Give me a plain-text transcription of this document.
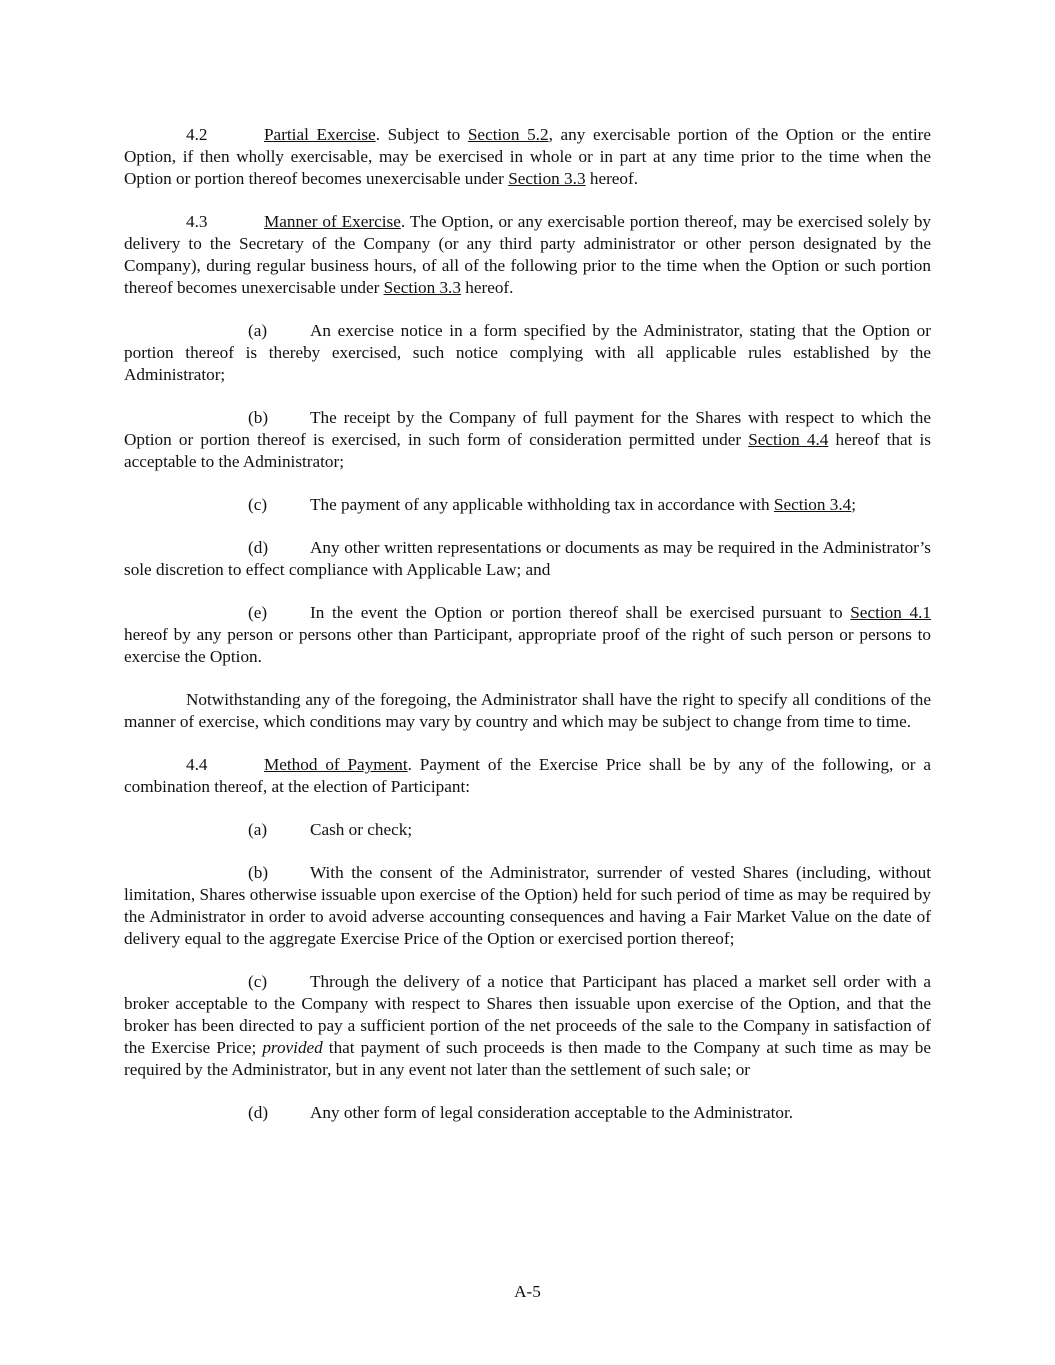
4.2	Partial Exercise. Subject to Section 5.2, any exercisable portion of the Option or the entire Option, if then wholly exercisable, may be exercised in whole or in part at any time prior to the time when the Option or portion thereof becomes unexercisable under Section 3.3 hereof.

4.3	Manner of Exercise. The Option, or any exercisable portion thereof, may be exercised solely by delivery to the Secretary of the Company (or any third party administrator or other person designated by the Company), during regular business hours, of all of the following prior to the time when the Option or such portion thereof becomes unexercisable under Section 3.3 hereof.

(a) An exercise notice in a form specified by the Administrator, stating that the Option or portion thereof is thereby exercised, such notice complying with all applicable rules established by the Administrator;

(b) The receipt by the Company of full payment for the Shares with respect to which the Option or portion thereof is exercised, in such form of consideration permitted under Section 4.4 hereof that is acceptable to the Administrator;

(c) The payment of any applicable withholding tax in accordance with Section 3.4;

(d) Any other written representations or documents as may be required in the Administrator’s sole discretion to effect compliance with Applicable Law; and

(e) In the event the Option or portion thereof shall be exercised pursuant to Section 4.1 hereof by any person or persons other than Participant, appropriate proof of the right of such person or persons to exercise the Option.

Notwithstanding any of the foregoing, the Administrator shall have the right to specify all conditions of the manner of exercise, which conditions may vary by country and which may be subject to change from time to time.

4.4	Method of Payment. Payment of the Exercise Price shall be by any of the following, or a combination thereof, at the election of Participant:

(a) Cash or check;

(b) With the consent of the Administrator, surrender of vested Shares (including, without limitation, Shares otherwise issuable upon exercise of the Option) held for such period of time as may be required by the Administrator in order to avoid adverse accounting consequences and having a Fair Market Value on the date of delivery equal to the aggregate Exercise Price of the Option or exercised portion thereof;

(c) Through the delivery of a notice that Participant has placed a market sell order with a broker acceptable to the Company with respect to Shares then issuable upon exercise of the Option, and that the broker has been directed to pay a sufficient portion of the net proceeds of the sale to the Company in satisfaction of the Exercise Price; provided that payment of such proceeds is then made to the Company at such time as may be required by the Administrator, but in any event not later than the settlement of such sale; or

(d) Any other form of legal consideration acceptable to the Administrator.

A-5
